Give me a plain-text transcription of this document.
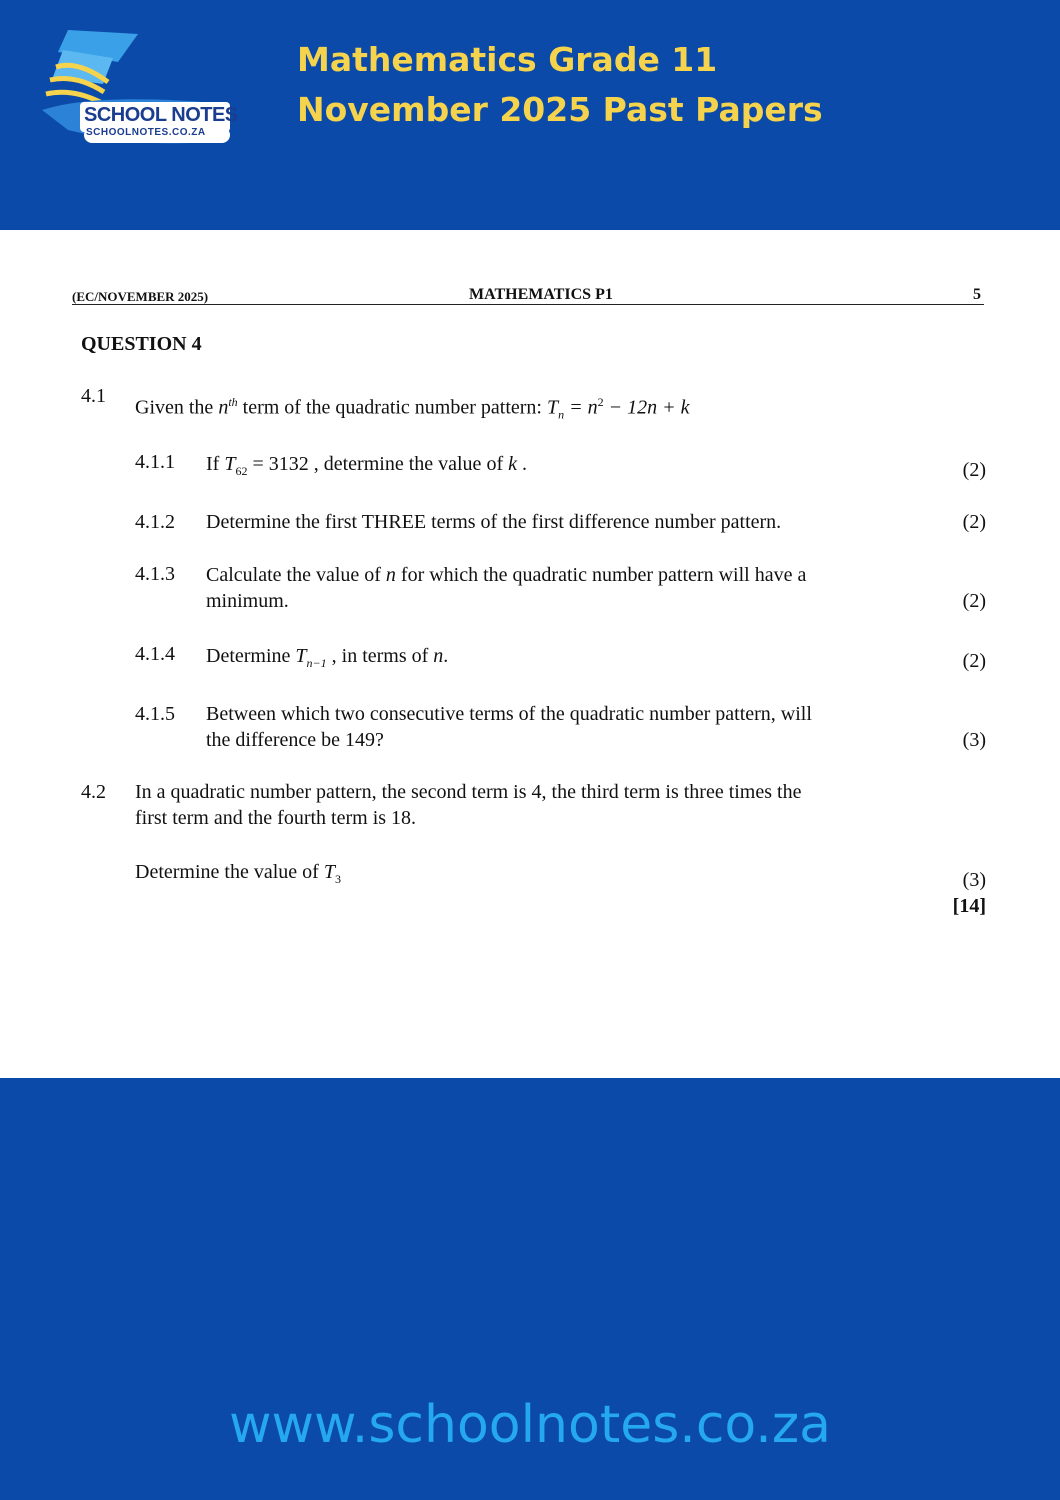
SCHOOL NOTES
SCHOOLNOTES.CO.ZA
Mathematics Grade 11
November 2025 Past Papers
(EC/NOVEMBER 2025)	MATHEMATICS P1	5
QUESTION 4
4.1
Given the $n^{th}$ term of the quadratic number pattern: $T_n = n^2 - 12n + k$
4.1.1 If $T_{62} = 3132$ , determine the value of k .	(2)
4.1.2 Determine the first THREE terms of the first difference number pattern.	(2)
4.1.3 Calculate the value of n for which the quadratic number pattern will have a
minimum.	(2)
4.1.4 Determine $T_{n-1}$ , in terms of n.	(2)
4.1.5 Between which two consecutive terms of the quadratic number pattern, will
the difference be 149?	(3)
4.2 In a quadratic number pattern, the second term is 4, the third term is three times the
first term and the fourth term is 18.
Determine the value of $T_3$	(3)
[14]
www.schoolnotes.co.za
